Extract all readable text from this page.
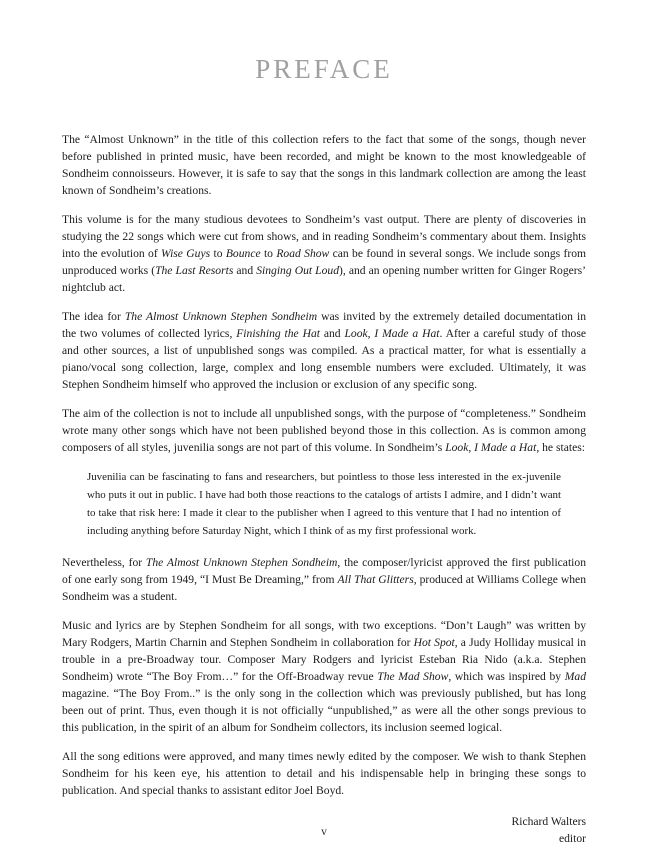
PREFACE

The “Almost Unknown” in the title of this collection refers to the fact that some of the songs, though never before published in printed music, have been recorded, and might be known to the most knowledgeable of Sondheim connoisseurs. However, it is safe to say that the songs in this landmark collection are among the least known of Sondheim’s creations.

This volume is for the many studious devotees to Sondheim’s vast output. There are plenty of discoveries in studying the 22 songs which were cut from shows, and in reading Sondheim’s commentary about them. Insights into the evolution of Wise Guys to Bounce to Road Show can be found in several songs. We include songs from unproduced works (The Last Resorts and Singing Out Loud), and an opening number written for Ginger Rogers’ nightclub act.

The idea for The Almost Unknown Stephen Sondheim was invited by the extremely detailed documentation in the two volumes of collected lyrics, Finishing the Hat and Look, I Made a Hat. After a careful study of those and other sources, a list of unpublished songs was compiled. As a practical matter, for what is essentially a piano/vocal song collection, large, complex and long ensemble numbers were excluded. Ultimately, it was Stephen Sondheim himself who approved the inclusion or exclusion of any specific song.

The aim of the collection is not to include all unpublished songs, with the purpose of “completeness.” Sondheim wrote many other songs which have not been published beyond those in this collection. As is common among composers of all styles, juvenilia songs are not part of this volume. In Sondheim’s Look, I Made a Hat, he states:

Juvenilia can be fascinating to fans and researchers, but pointless to those less interested in the ex-juvenile who puts it out in public. I have had both those reactions to the catalogs of artists I admire, and I didn’t want to take that risk here: I made it clear to the publisher when I agreed to this venture that I had no intention of including anything before Saturday Night, which I think of as my first professional work.

Nevertheless, for The Almost Unknown Stephen Sondheim, the composer/lyricist approved the first publication of one early song from 1949, “I Must Be Dreaming,” from All That Glitters, produced at Williams College when Sondheim was a student.

Music and lyrics are by Stephen Sondheim for all songs, with two exceptions. “Don’t Laugh” was written by Mary Rodgers, Martin Charnin and Stephen Sondheim in collaboration for Hot Spot, a Judy Holliday musical in trouble in a pre-Broadway tour. Composer Mary Rodgers and lyricist Esteban Ria Nido (a.k.a. Stephen Sondheim) wrote “The Boy From…” for the Off-Broadway revue The Mad Show, which was inspired by Mad magazine. “The Boy From..” is the only song in the collection which was previously published, but has long been out of print. Thus, even though it is not officially “unpublished,” as were all the other songs previous to this publication, in the spirit of an album for Sondheim collectors, its inclusion seemed logical.

All the song editions were approved, and many times newly edited by the composer. We wish to thank Stephen Sondheim for his keen eye, his attention to detail and his indispensable help in bringing these songs to publication. And special thanks to assistant editor Joel Boyd.

Richard Walters
editor
v
